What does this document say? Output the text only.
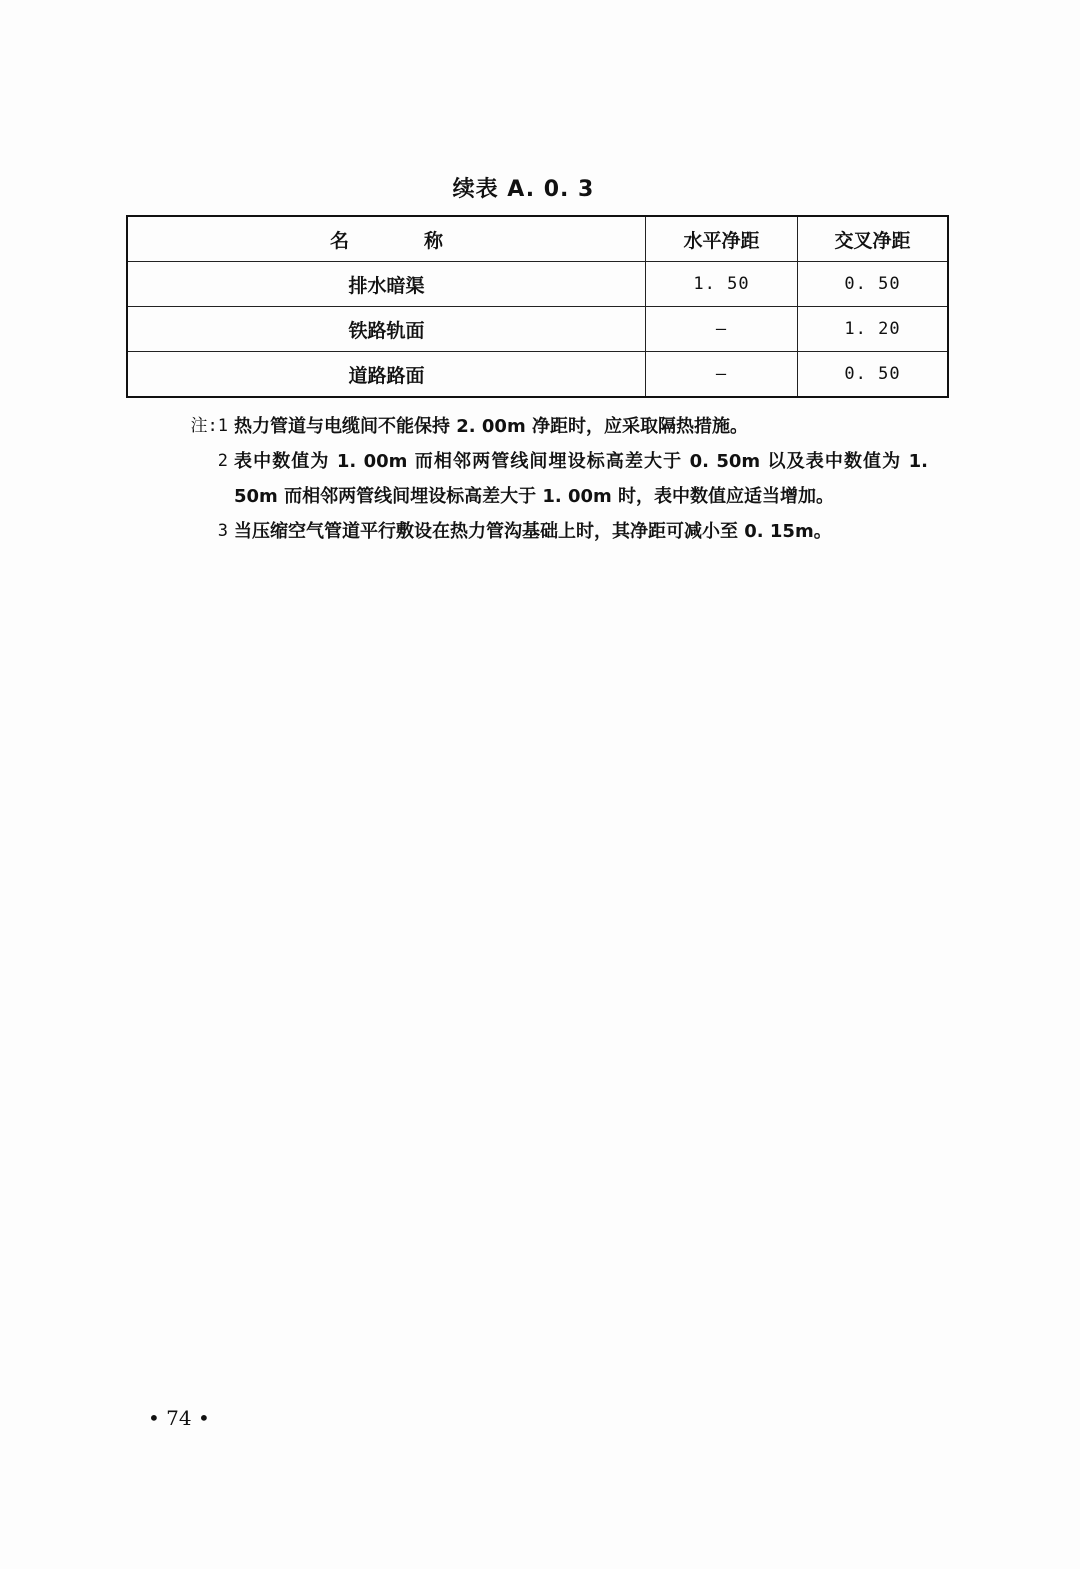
续表 A. 0. 3
名　称	水平净距	交叉净距
排水暗渠	1. 50	0. 50
铁路轨面	—	1. 20
道路路面	—	0. 50

注:1 热力管道与电缆间不能保持 2. 00m 净距时，应采取隔热措施。

2 表中数值为 1. 00m 而相邻两管线间埋设标高差大于 0. 50m 以及表中数值为 1. 50m 而相邻两管线间埋设标高差大于 1. 00m 时，表中数值应适当增加。

3 当压缩空气管道平行敷设在热力管沟基础上时，其净距可减小至 0. 15m。

• 74 •
